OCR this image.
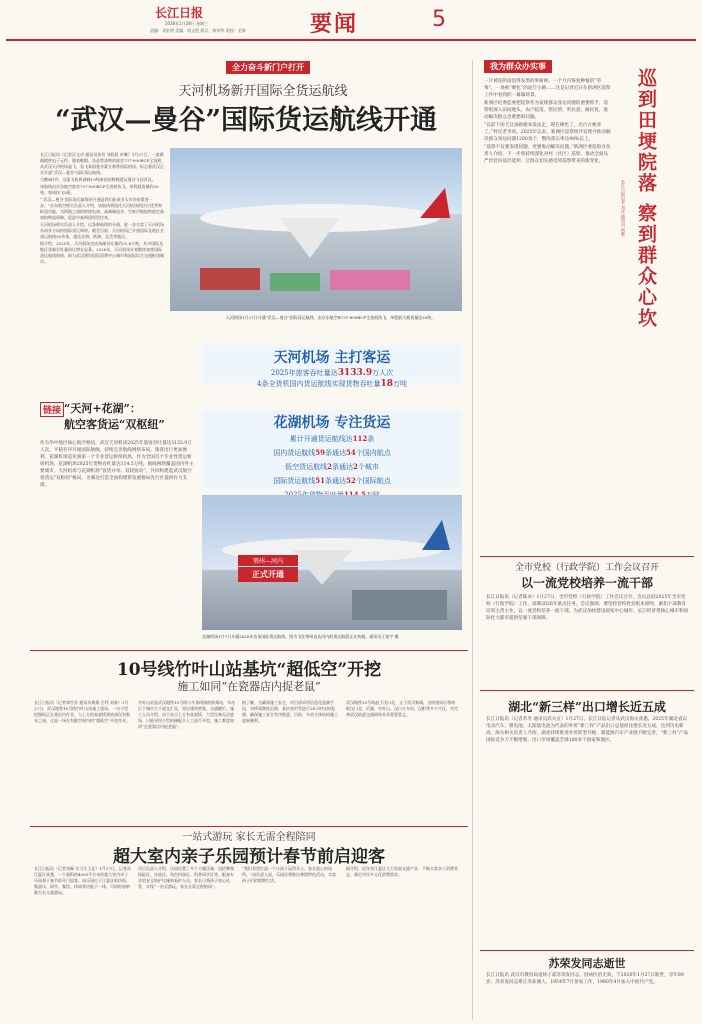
长江日报
2026年1月28日 星期三
责编：刘宏明 美编：胡文胜 版式：陈荣华 责校：毛辉	要闻	5
全力奋斗新门户打开
天河机场新开国际全货运航线
“武汉—曼谷”国际货运航线开通

长江日报讯（记者汪文卓 通讯员余晋 刘韵晨 叶琳）1月27日，一架满载精密电子元件、服装鞋帽、冻品等货物的波音737-800BCF全货机从武汉天河机场起飞，直飞泰国曼谷素万那普国际机场，标志着武汉正式开通“武汉—曼谷”国际货运航线。

当晚8时许，这架飞机将满载19吨泰国的鲜榴莲从曼谷飞回武汉。

该航线由京东航空波音737-800BCF全货机执飞，单程载货量约20吨，每周执飞3班。

“‘武汉—曼谷’国际货运航线的开通是我们拓展亚太市场的重要一步。”京东航空相关负责人介绍，该航线将依托天河机场的区位优势和枢纽功能，为两地之间的跨境电商、高端制造业、生鲜冷链提供稳定高效的物流保障，促进中泰两国经贸往来。

天河机场相关负责人介绍，这条新航线的开通，进一步丰富了天河机场东南亚方向的国际货运网络。截至目前，天河机场已开通国际及地区全货运航线30余条，通达亚洲、欧洲、北美等地区。

据介绍，2025年，天河机场完成货邮吞吐量约31.8万吨，其中国际及地区货邮吞吐量同比增长显著。2026年，天河机场计划继续加密国际货运航线网络，助力武汉建设国际消费中心城市和国际综合交通枢纽城市。

天河机场1月27日开通“武汉—曼谷”国际货运航线，由京东航空B737-800BCF全货机执飞，单程最大载货量达20吨。
天河机场 主打客运
2025年旅客吞吐量达3133.9万人次
4条全货机国内货运航线实现货物吞吐量18万吨
花湖机场 专注货运
累计开通货运航线达112条
国内货运航线59条通达54个国内航点
低空货运航线2条通达2个城市
国际货运航线51条通达52个国际航点
鄂州—河内
正式开通
花湖机场1月7日开通2026年首条国际货运航线，图为飞往鄂州直达河内的货运航班正在装载。通讯员王星宇 摄
链接 “天河+花湖”：
航空客货运“双枢纽”
作为华中地区核心航空枢纽，武汉天河机场2025年旅客吞吐量达3133.9万人次，平稳有序开通国际航线，持续完善航线网络布局，旅客出行更加便利。花湖机场是亚洲第一个专业货运枢纽机场，作为全国首个专业性货运枢纽机场，花湖机场2025年货物吞吐量达114.5万吨，航线网络覆盖国内外主要城市。天河机场与花湖机场“客货并举、双轮驱动”，共同构建起武汉航空客货运“双枢纽”格局，为湖北打造全国构建新发展格局先行区提供有力支撑。
10号线竹叶山站基坑“超低空”开挖
施工如同“在瓷器店内捉老鼠”
长江日报讯（记者郑雪芳 通讯员黄翔 汪利 刘泰）1月27日，武汉地铁10号线竹叶山站施工现场，一台小型挖掘机正在基坑内作业，与上方的高架桥梁底部仅有数米之遥。这是一场在有限空间内的“超低空”开挖作业。
竹叶山站是武汉地铁10号线与多条线路的换乘站，车站位于城市主干道交汇处，周边建筑密集、交通繁忙。施工人员介绍，由于站点上方有高架桥，大型设备无法进场，只能采用小型机械配合人工进行开挖，施工难度如同“在瓷器店内捉老鼠”。
据了解，为确保施工安全，项目部采用信息化监测手段，对桥梁墩柱沉降、基坑变形等进行24小时实时监测，确保施工安全有序推进。目前，车站主体结构施工进展顺利。
武汉地铁10号线起于汉口北，止于武汉新城，全线建成后将串联汉口北、后湖、竹叶山、汉口火车站、汉阳等多个片区，对完善武汉轨道交通网络具有重要意义。
一站式游玩 家长无需全程陪同
超大室内亲子乐园预计春节前启迎客
长江日报讯（记者刘畅 实习生王佳）1月27日，记者从江夏区获悉，一个面积约4000平方米的超大室内亲子乐园将于春节前开门迎客。该乐园位于江夏区纸坊街，集游乐、研学、餐饮、休闲等功能于一体，可同时容纳数百名儿童游玩。
项目负责人介绍，乐园设置了多个主题区域，包括攀爬探险区、沙池区、角色扮演区、科普研学区等，配备专业的安全防护设施和看护人员，家长可将孩子放心托管，实现“一站式游玩，家长无需全程陪同”。
“我们希望打造一个让孩子玩得开心、家长放心的场所。”该负责人说，乐园还将推出寒假特色活动，丰富孩子们的假期生活。
据介绍，近年来江夏区大力发展文旅产业，不断丰富亲子消费业态，满足市民多元化消费需求。
我为群众办实事
巡到田埂院落 察到群众心坎
长江日报记者 刘洋 通讯员 周紫

一片被连阴雨泡得发黑的果树林，一个月内恢复种植的“草莓”，一条被“硬化”的泥泞小路……这是记者近日在新洲区巡察工作中看到的一幕幕场景。

新洲区纪委监委把巡察作为发现群众身边问题的重要抓手，巡察组深入田间地头、农户院落，察民情、听民意、解民忧，推动解决群众急难愁盼问题。

“以前下雨天这条路根本没法走，现在硬化了，出行方便多了。”村民老李说。2025年以来，新洲区巡察组共发现并推动解决群众身边问题1200余个，整改落实率达98%以上。

“巡察不仅要发现问题，更要推动解决问题。”新洲区委巡察办负责人介绍，下一步将持续深化对村（社区）巡察，推动全面从严治党向基层延伸，让群众切实感受到巡察带来的新变化。

全市党校（行政学院）工作会议召开
以一流党校培养一流干部
长江日报讯（记者陈卓）1月27日，全市党校（行政学院）工作会议召开。会议总结2025年全市党校（行政学院）工作，部署2026年重点任务。会议强调，要坚持党校姓党根本原则，紧扣干部教育培训主责主业，以一流党校培养一流干部，为武汉加快建设国家中心城市、长江经济带核心城市和国际化大都市提供坚强干部保障。
湖北“新三样”出口增长近五成
长江日报讯（记者苏冬 通讯员武关宣）1月27日，长江日报记者从武汉海关获悉，2025年湖北省以电动汽车、锂电池、太阳能电池为代表的外贸“新三样”产品出口总值同比增长近五成，达到历史新高。海关相关负责人介绍，湖北持续推进外贸转型升级，新能源汽车产业链不断完善，“新三样”产品国际竞争力不断增强，出口市场覆盖全球100多个国家和地区。
苏荣发同志逝世
长江日报讯 武汉市教育局退休干部苏荣发同志，因病医治无效，于2026年1月27日逝世，享年89岁。苏荣发同志系江苏盐城人，1954年7月参加工作，1980年4月加入中国共产党。
